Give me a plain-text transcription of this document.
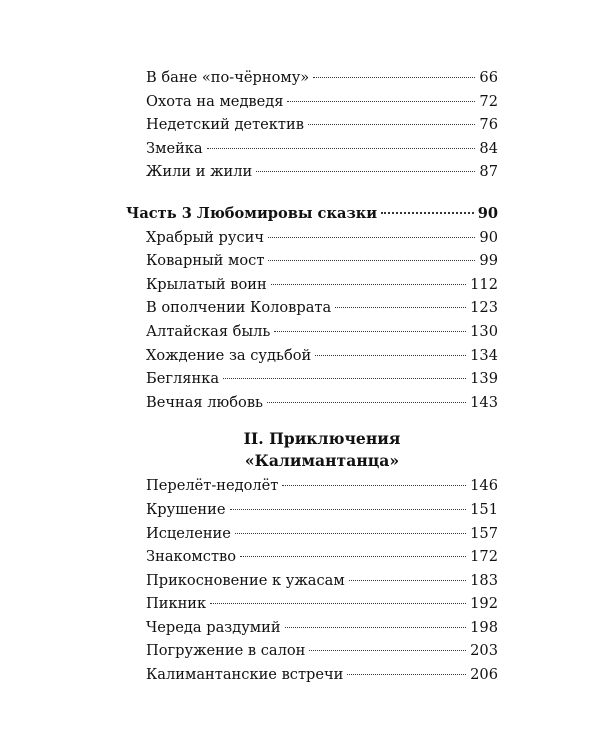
В бане «по-чёрному»	66
Охота на медведя	72
Недетский детектив	76
Змейка	84
Жили и жили	87
Часть 3 Любомировы сказки	90
Храбрый русич	90
Коварный мост	99
Крылатый воин	112
В ополчении Коловрата	123
Алтайская быль	130
Хождение за судьбой	134
Беглянка	139
Вечная любовь	143
II. Приключения
«Калимантанца»
Перелёт-недолёт	146
Крушение	151
Исцеление	157
Знакомство	172
Прикосновение к ужасам	183
Пикник	192
Череда раздумий	198
Погружение в салон	203
Калимантанские встречи	206
